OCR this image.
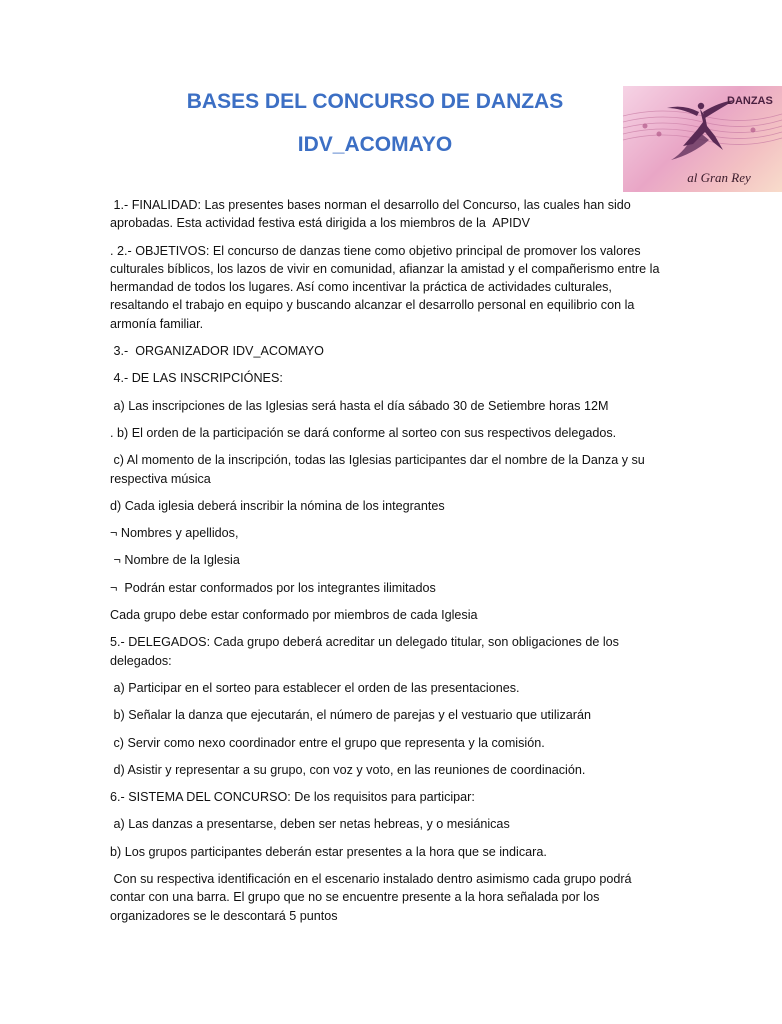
BASES DEL CONCURSO DE DANZAS
IDV_ACOMAYO
DANZAS
al Gran Rey

1.- FINALIDAD: Las presentes bases norman el desarrollo del Concurso, las cuales han sido aprobadas. Esta actividad festiva está dirigida a los miembros de la  APIDV

. 2.- OBJETIVOS: El concurso de danzas tiene como objetivo principal de promover los valores culturales bíblicos, los lazos de vivir en comunidad, afianzar la amistad y el compañerismo entre la hermandad de todos los lugares. Así como incentivar la práctica de actividades culturales, resaltando el trabajo en equipo y buscando alcanzar el desarrollo personal en equilibrio con la armonía familiar.

3.-  ORGANIZADOR IDV_ACOMAYO

4.- DE LAS INSCRIPCIÓNES:

a) Las inscripciones de las Iglesias será hasta el día sábado 30 de Setiembre horas 12M

. b) El orden de la participación se dará conforme al sorteo con sus respectivos delegados.

c) Al momento de la inscripción, todas las Iglesias participantes dar el nombre de la Danza y su respectiva música

d) Cada iglesia deberá inscribir la nómina de los integrantes

¬ Nombres y apellidos,

¬ Nombre de la Iglesia

¬  Podrán estar conformados por los integrantes ilimitados

Cada grupo debe estar conformado por miembros de cada Iglesia

5.- DELEGADOS: Cada grupo deberá acreditar un delegado titular, son obligaciones de los delegados:

a) Participar en el sorteo para establecer el orden de las presentaciones.

b) Señalar la danza que ejecutarán, el número de parejas y el vestuario que utilizarán

c) Servir como nexo coordinador entre el grupo que representa y la comisión.

d) Asistir y representar a su grupo, con voz y voto, en las reuniones de coordinación.

6.- SISTEMA DEL CONCURSO: De los requisitos para participar:

a) Las danzas a presentarse, deben ser netas hebreas, y o mesiánicas

b) Los grupos participantes deberán estar presentes a la hora que se indicara.

Con su respectiva identificación en el escenario instalado dentro asimismo cada grupo podrá contar con una barra. El grupo que no se encuentre presente a la hora señalada por los organizadores se le descontará 5 puntos
